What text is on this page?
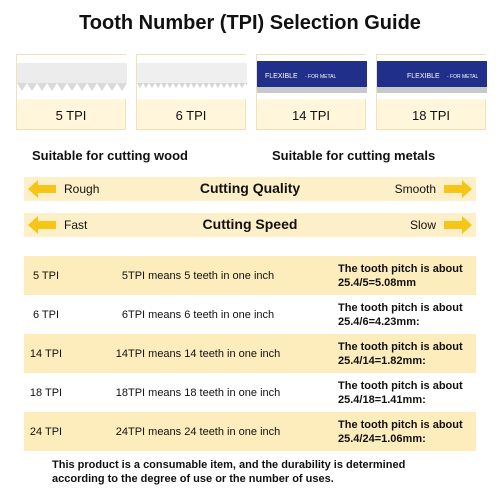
Tooth Number (TPI) Selection Guide
5 TPI	6 TPI
FLEXIBLE - FOR METAL
14 TPI
FLEXIBLE - FOR METAL
18 TPI
Suitable for cutting wood	Suitable for cutting metals
Rough	Cutting Quality	Smooth
Fast	Cutting Speed	Slow
5 TPI	5TPI means 5 teeth in one inch	The tooth pitch is about
25.4/5=5.08mm

6 TPI	6TPI means 6 teeth in one inch	The tooth pitch is about
25.4/6=4.23mm:

14 TPI	14TPI means 14 teeth in one inch	The tooth pitch is about
25.4/14=1.82mm:

18 TPI	18TPI means 18 teeth in one inch	The tooth pitch is about
25.4/18=1.41mm:

24 TPI	24TPI means 24 teeth in one inch	The tooth pitch is about
25.4/24=1.06mm:
This product is a consumable item, and the durability is determined according to the degree of use or the number of uses.
